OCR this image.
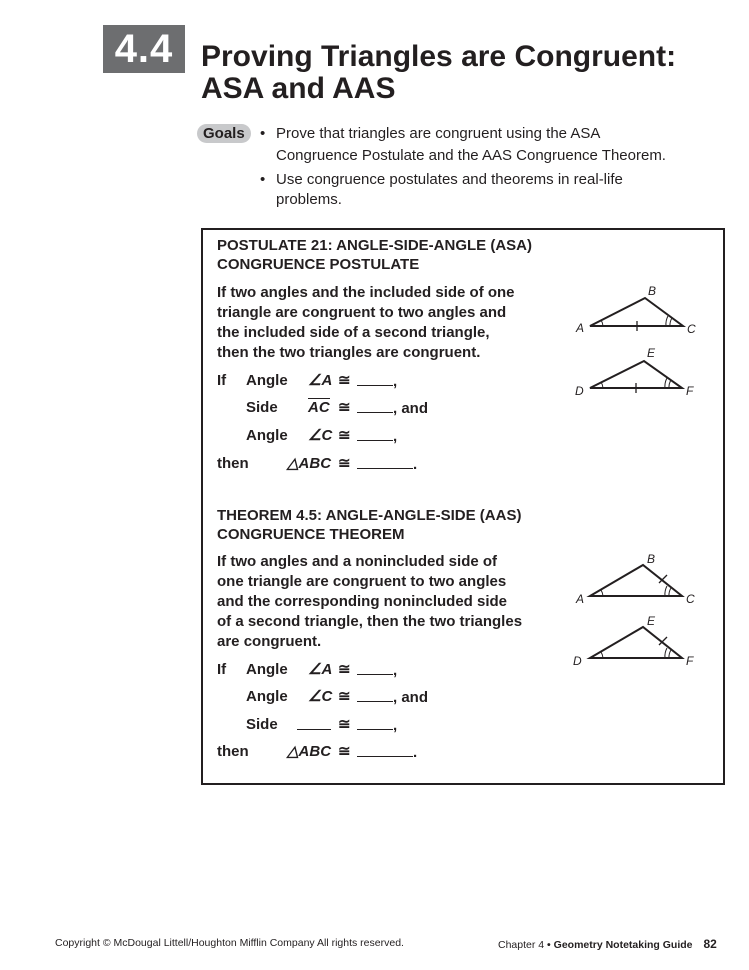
4.4 Proving Triangles are Congruent:
ASA and AAS
Goals	• Prove that triangles are congruent using the ASA
Congruence Postulate and the AAS Congruence Theorem.
• Use congruence postulates and theorems in real-life
problems.
POSTULATE 21: ANGLE-SIDE-ANGLE (ASA)
CONGRUENCE POSTULATE
If two angles and the included side of one
triangle are congruent to two angles and
the included side of a second triangle,
then the two triangles are congruent.
If Angle ∠A ≅	,
Side AC ≅	, and
Angle ∠C ≅	,
then	△ABC ≅	.
If Angle ∠A ≅	,
Angle ∠C ≅	, and
Side	≅	,
then	△ABC ≅	.
THEOREM 4.5: ANGLE-ANGLE-SIDE (AAS)
CONGRUENCE THEOREM
If two angles and a nonincluded side of
one triangle are congruent to two angles
and the corresponding nonincluded side
of a second triangle, then the two triangles
are congruent.
A
B
C
D
E
F
A
B
C
D
E
F
Copyright © McDougal Littell/Houghton Mifflin Company All rights reserved.	Chapter 4 • Geometry Notetaking Guide 82
